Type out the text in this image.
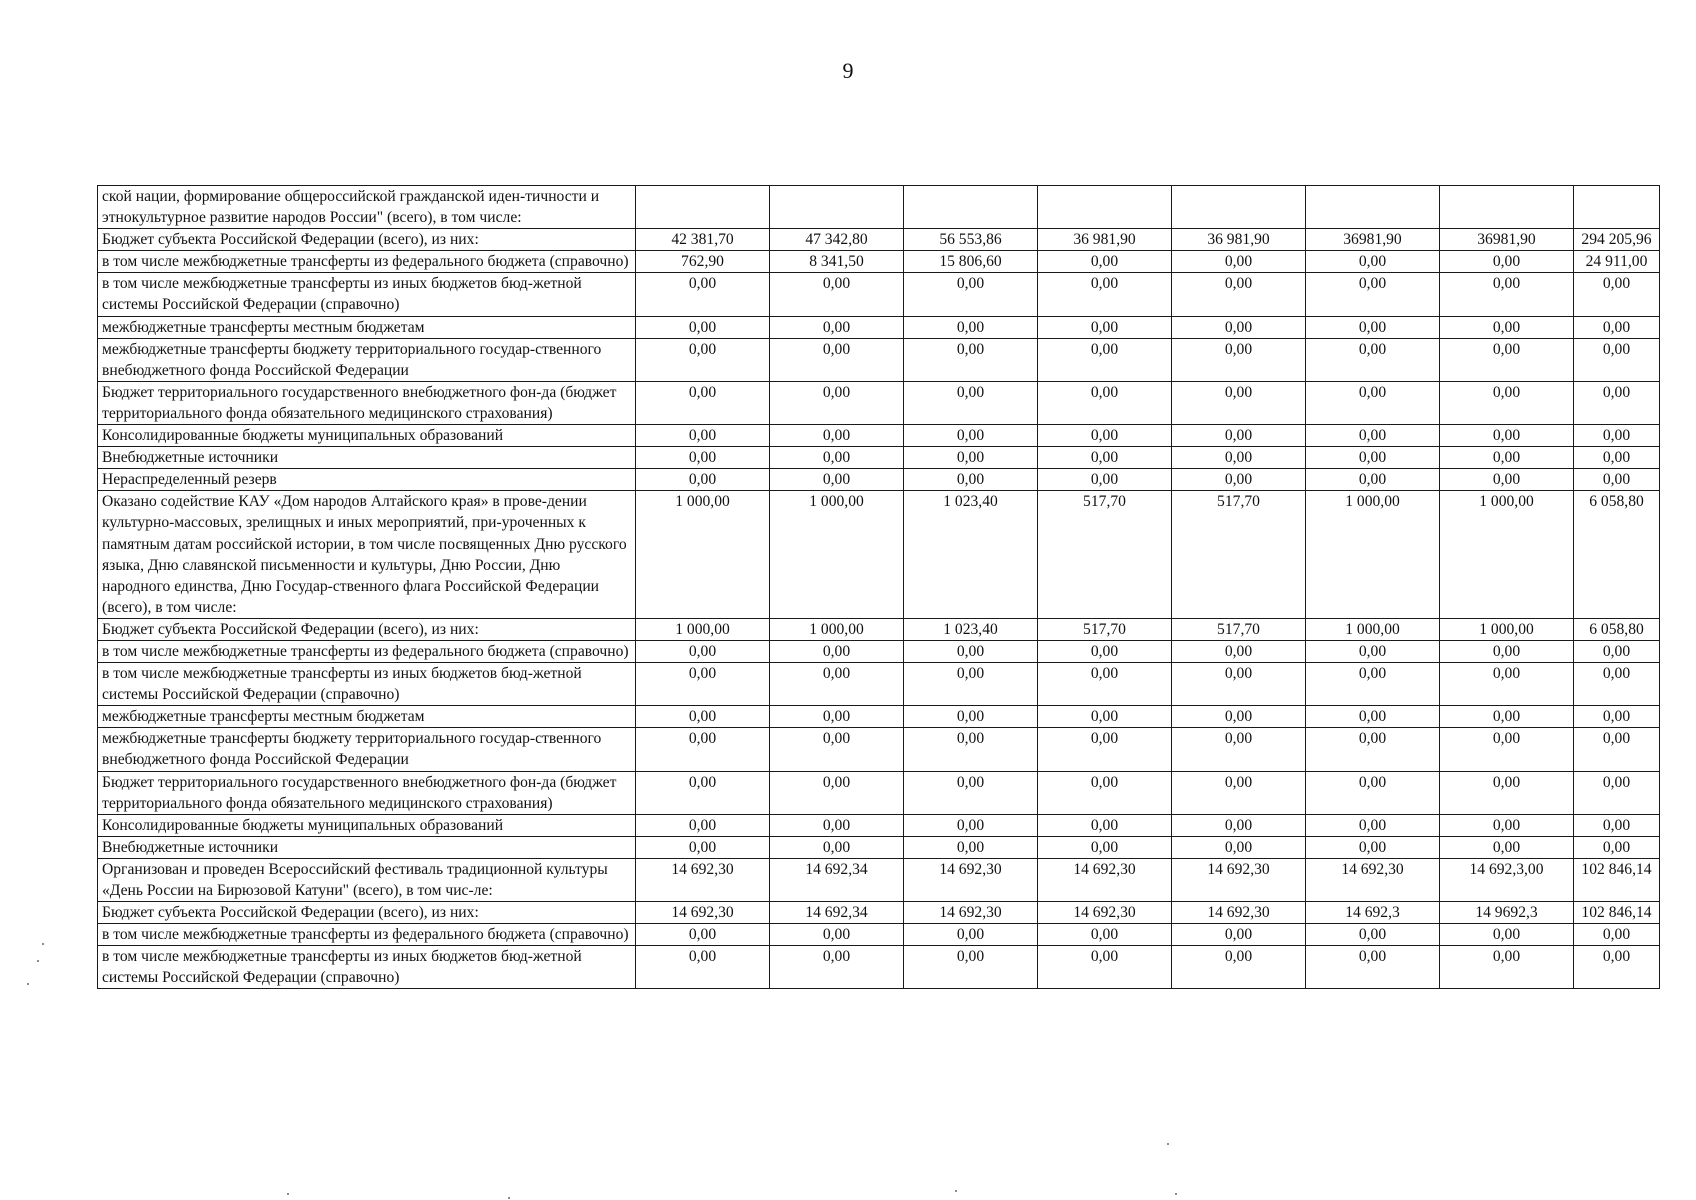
9
ской нации, формирование общероссийской гражданской иден-тичности и этнокультурное развитие народов России" (всего), в том числе:								
Бюджет субъекта Российской Федерации (всего), из них:	42 381,70	47 342,80	56 553,86	36 981,90	36 981,90	36981,90	36981,90	294 205,96
в том числе межбюджетные трансферты из федерального бюджета (справочно)	762,90	8 341,50	15 806,60	0,00	0,00	0,00	0,00	24 911,00
в том числе межбюджетные трансферты из иных бюджетов бюд-жетной системы Российской Федерации (справочно)	0,00	0,00	0,00	0,00	0,00	0,00	0,00	0,00
межбюджетные трансферты местным бюджетам	0,00	0,00	0,00	0,00	0,00	0,00	0,00	0,00
межбюджетные трансферты бюджету территориального государ-ственного внебюджетного фонда Российской Федерации	0,00	0,00	0,00	0,00	0,00	0,00	0,00	0,00
Бюджет территориального государственного внебюджетного фон-да (бюджет территориального фонда обязательного медицинского страхования)	0,00	0,00	0,00	0,00	0,00	0,00	0,00	0,00
Консолидированные бюджеты муниципальных образований	0,00	0,00	0,00	0,00	0,00	0,00	0,00	0,00
Внебюджетные источники	0,00	0,00	0,00	0,00	0,00	0,00	0,00	0,00
Нераспределенный резерв	0,00	0,00	0,00	0,00	0,00	0,00	0,00	0,00
Оказано содействие КАУ «Дом народов Алтайского края» в прове-дении культурно-массовых, зрелищных и иных мероприятий, при-уроченных к памятным датам российской истории, в том числе посвященных Дню русского языка, Дню славянской письменности и культуры, Дню России, Дню народного единства, Дню Государ-ственного флага Российской Федерации (всего), в том числе:	1 000,00	1 000,00	1 023,40	517,70	517,70	1 000,00	1 000,00	6 058,80
Бюджет субъекта Российской Федерации (всего), из них:	1 000,00	1 000,00	1 023,40	517,70	517,70	1 000,00	1 000,00	6 058,80
в том числе межбюджетные трансферты из федерального бюджета (справочно)	0,00	0,00	0,00	0,00	0,00	0,00	0,00	0,00
в том числе межбюджетные трансферты из иных бюджетов бюд-жетной системы Российской Федерации (справочно)	0,00	0,00	0,00	0,00	0,00	0,00	0,00	0,00
межбюджетные трансферты местным бюджетам	0,00	0,00	0,00	0,00	0,00	0,00	0,00	0,00
межбюджетные трансферты бюджету территориального государ-ственного внебюджетного фонда Российской Федерации	0,00	0,00	0,00	0,00	0,00	0,00	0,00	0,00
Бюджет территориального государственного внебюджетного фон-да (бюджет территориального фонда обязательного медицинского страхования)	0,00	0,00	0,00	0,00	0,00	0,00	0,00	0,00
Консолидированные бюджеты муниципальных образований	0,00	0,00	0,00	0,00	0,00	0,00	0,00	0,00
Внебюджетные источники	0,00	0,00	0,00	0,00	0,00	0,00	0,00	0,00
Организован и проведен Всероссийский фестиваль традиционной культуры «День России на Бирюзовой Катуни" (всего), в том чис-ле:	14 692,30	14 692,34	14 692,30	14 692,30	14 692,30	14 692,30	14 692,3,00	102 846,14
Бюджет субъекта Российской Федерации (всего), из них:	14 692,30	14 692,34	14 692,30	14 692,30	14 692,30	14 692,3	14 9692,3	102 846,14
в том числе межбюджетные трансферты из федерального бюджета (справочно)	0,00	0,00	0,00	0,00	0,00	0,00	0,00	0,00
в том числе межбюджетные трансферты из иных бюджетов бюд-жетной системы Российской Федерации (справочно)	0,00	0,00	0,00	0,00	0,00	0,00	0,00	0,00
